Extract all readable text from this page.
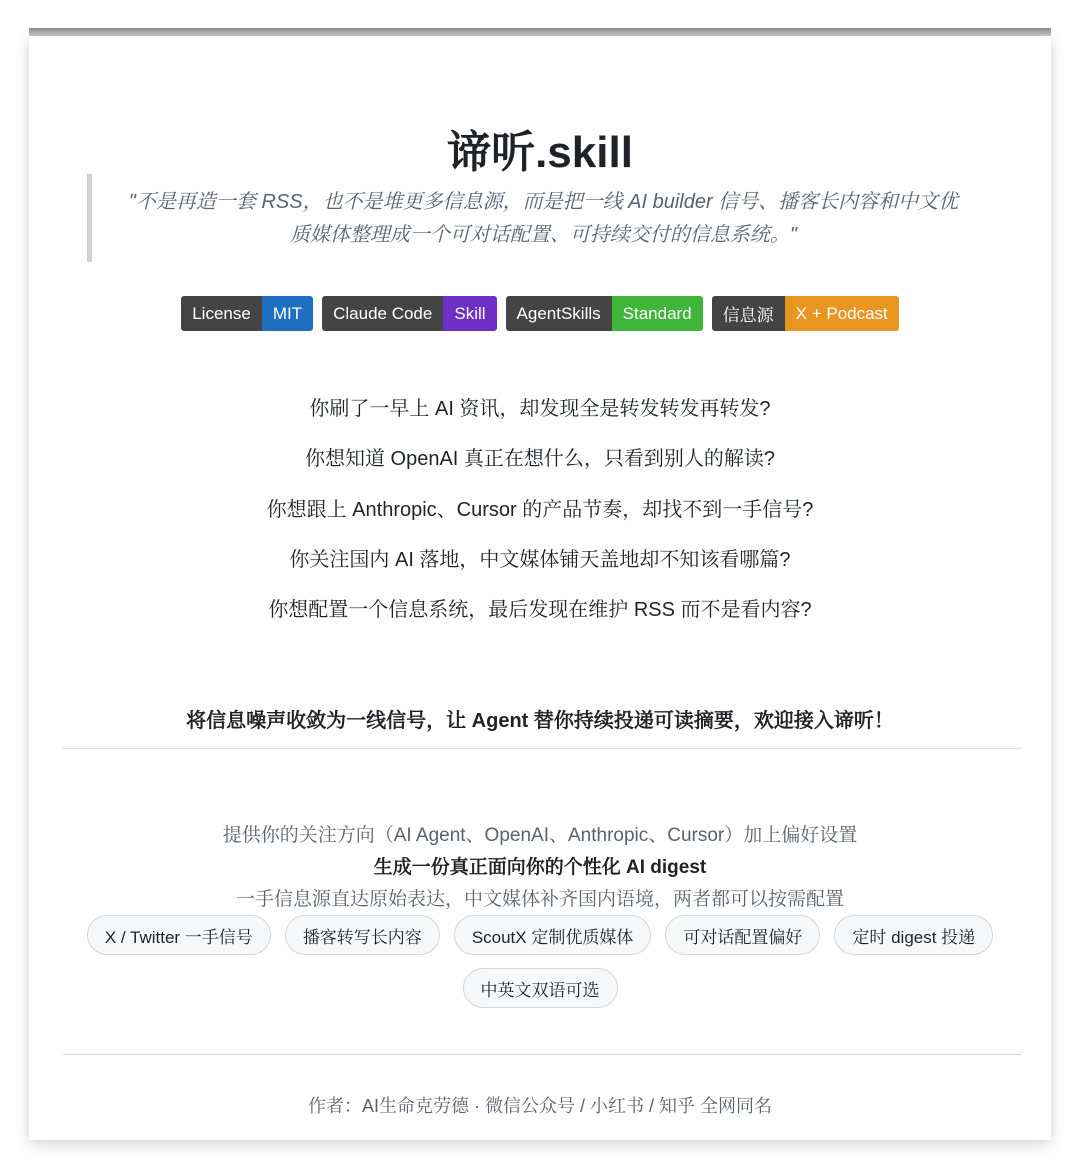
谛听.skill
"不是再造一套 RSS，也不是堆更多信息源，而是把一线 AI builder 信号、播客长内容和中文优
质媒体整理成一个可对话配置、可持续交付的信息系统。"
License	MIT	Claude Code	Skill	AgentSkills	Standard	信息源	X + Podcast

你刷了一早上 AI 资讯，却发现全是转发转发再转发?

你想知道 OpenAI 真正在想什么，只看到别人的解读?

你想跟上 Anthropic、Cursor 的产品节奏，却找不到一手信号?

你关注国内 AI 落地，中文媒体铺天盖地却不知该看哪篇?

你想配置一个信息系统，最后发现在维护 RSS 而不是看内容?

将信息噪声收敛为一线信号，让 Agent 替你持续投递可读摘要，欢迎接入谛听！
提供你的关注方向（AI Agent、OpenAI、Anthropic、Cursor）加上偏好设置
生成一份真正面向你的个性化 AI digest
一手信息源直达原始表达，中文媒体补齐国内语境，两者都可以按需配置
X / Twitter 一手信号	播客转写长内容	ScoutX 定制优质媒体	可对话配置偏好	定时 digest 投递
中英文双语可选
作者：AI生命克劳德 · 微信公众号 / 小红书 / 知乎 全网同名
